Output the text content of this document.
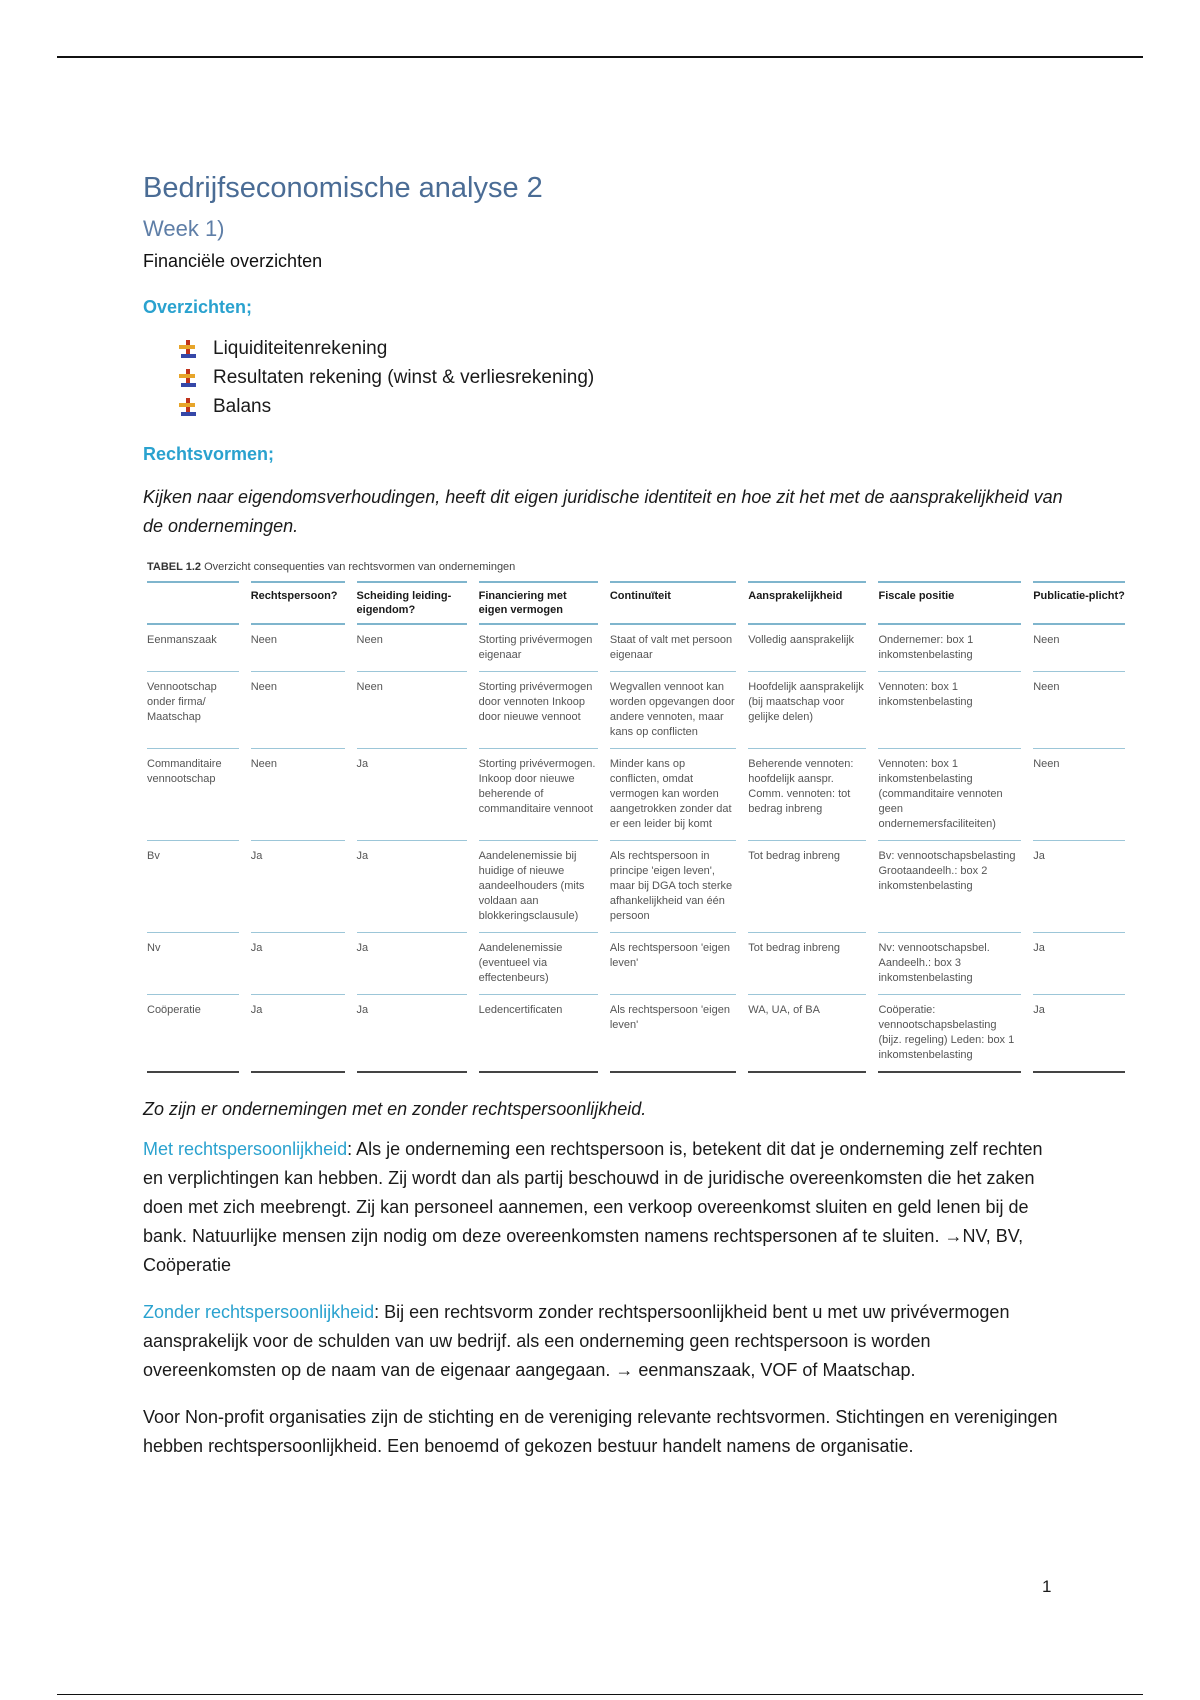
Bedrijfseconomische analyse 2
Week 1)
Financiële overzichten
Overzichten;
Liquiditeitenrekening
Resultaten rekening (winst & verliesrekening)
Balans
Rechtsvormen;
Kijken naar eigendomsverhoudingen, heeft dit eigen juridische identiteit en hoe zit het met de aansprakelijkheid van de ondernemingen.
TABEL 1.2 Overzicht consequenties van rechtsvormen van ondernemingen
	Rechtspersoon?	Scheiding leiding-eigendom?	Financiering met eigen vermogen	Continuïteit	Aansprakelijkheid	Fiscale positie	Publicatie-plicht?
Eenmanszaak	Neen	Neen	Storting privévermogen eigenaar	Staat of valt met persoon eigenaar	Volledig aansprakelijk	Ondernemer: box 1 inkomstenbelasting	Neen
Vennootschap onder firma/ Maatschap	Neen	Neen	Storting privévermogen door vennoten Inkoop door nieuwe vennoot	Wegvallen vennoot kan worden opgevangen door andere vennoten, maar kans op conflicten	Hoofdelijk aansprakelijk (bij maatschap voor gelijke delen)	Vennoten: box 1 inkomstenbelasting	Neen
Commanditaire vennootschap	Neen	Ja	Storting privévermogen. Inkoop door nieuwe beherende of commanditaire vennoot	Minder kans op conflicten, omdat vermogen kan worden aangetrokken zonder dat er een leider bij komt	Beherende vennoten: hoofdelijk aanspr. Comm. vennoten: tot bedrag inbreng	Vennoten: box 1 inkomstenbelasting (commanditaire vennoten geen ondernemersfaciliteiten)	Neen
Bv	Ja	Ja	Aandelenemissie bij huidige of nieuwe aandeelhouders (mits voldaan aan blokkeringsclausule)	Als rechtspersoon in principe 'eigen leven', maar bij DGA toch sterke afhankelijkheid van één persoon	Tot bedrag inbreng	Bv: vennootschapsbelasting Grootaandeelh.: box 2 inkomstenbelasting	Ja
Nv	Ja	Ja	Aandelenemissie (eventueel via effectenbeurs)	Als rechtspersoon 'eigen leven'	Tot bedrag inbreng	Nv: vennootschapsbel. Aandeelh.: box 3 inkomstenbelasting	Ja
Coöperatie	Ja	Ja	Ledencertificaten	Als rechtspersoon 'eigen leven'	WA, UA, of BA	Coöperatie: vennootschapsbelasting (bijz. regeling) Leden: box 1 inkomstenbelasting	Ja
Zo zijn er ondernemingen met en zonder rechtspersoonlijkheid.

Met rechtspersoonlijkheid: Als je onderneming een rechtspersoon is, betekent dit dat je onderneming zelf rechten en verplichtingen kan hebben. Zij wordt dan als partij beschouwd in de juridische overeenkomsten die het zaken doen met zich meebrengt. Zij kan personeel aannemen, een verkoop overeenkomst sluiten en geld lenen bij de bank. Natuurlijke mensen zijn nodig om deze overeenkomsten namens rechtspersonen af te sluiten. →NV, BV, Coöperatie

Zonder rechtspersoonlijkheid: Bij een rechtsvorm zonder rechtspersoonlijkheid bent u met uw privévermogen aansprakelijk voor de schulden van uw bedrijf. als een onderneming geen rechtspersoon is worden overeenkomsten op de naam van de eigenaar aangegaan. → eenmanszaak, VOF of Maatschap.

Voor Non-profit organisaties zijn de stichting en de vereniging relevante rechtsvormen. Stichtingen en verenigingen hebben rechtspersoonlijkheid. Een benoemd of gekozen bestuur handelt namens de organisatie.

1
